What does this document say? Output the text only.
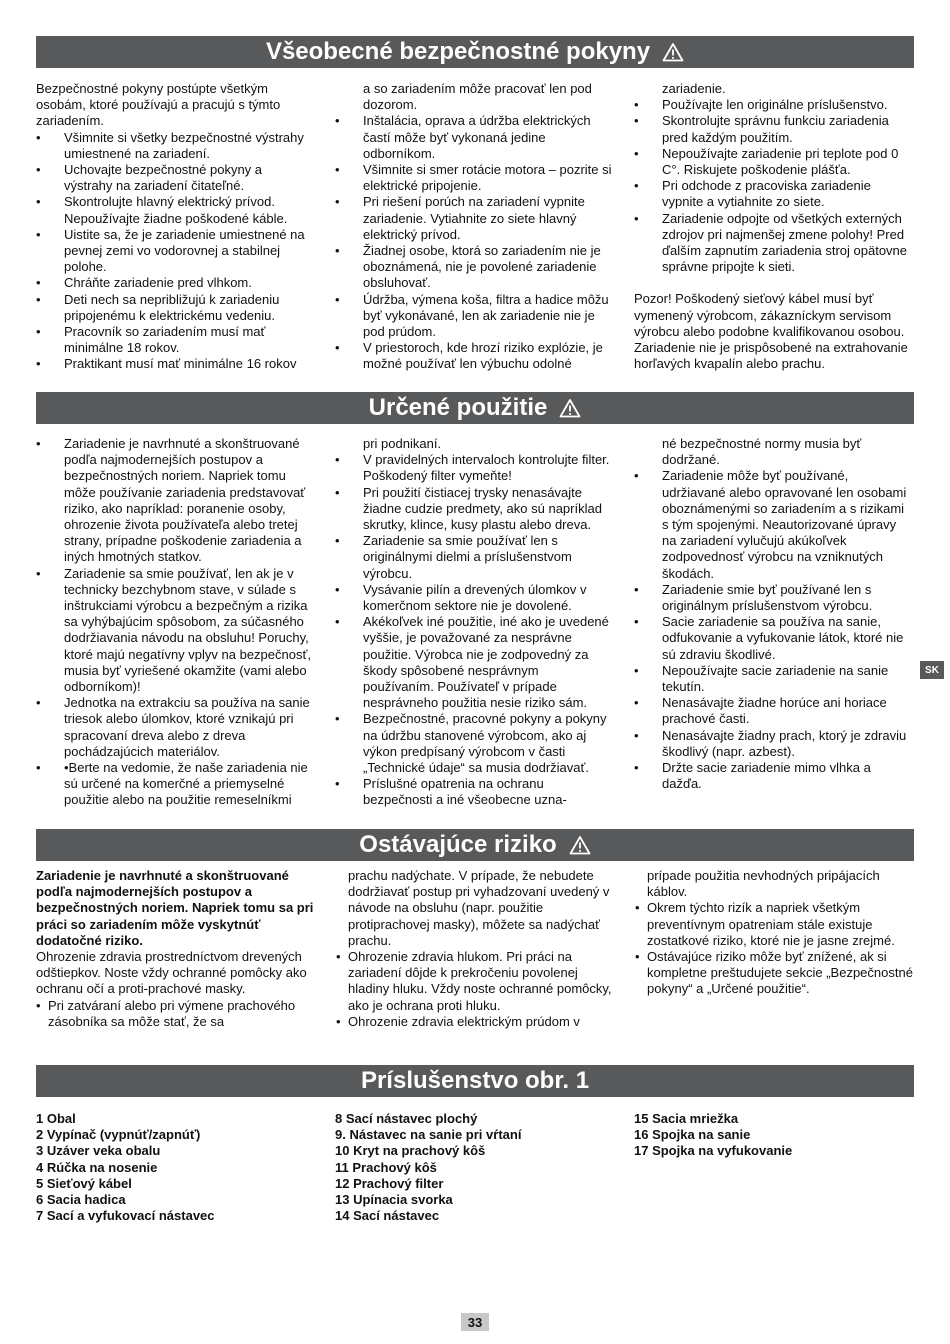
Všeobecné bezpečnostné pokyny

Bezpečnostné pokyny postúpte všetkým osobám, ktoré používajú a pracujú s týmto zariadením.

• Všimnite si všetky bezpečnostné výstrahy umiestnené na zariadení.
• Uchovajte bezpečnostné pokyny a výstrahy na zariadení čitateľné.
• Skontrolujte hlavný elektrický prívod. Nepoužívajte žiadne poškodené káble.
• Uistite sa, že je zariadenie umiestnené na pevnej zemi vo vodorovnej a stabilnej polohe.
• Chráňte zariadenie pred vlhkom.
• Deti nech sa nepribližujú k zariadeniu pripojenému k elektrickému vedeniu.
• Pracovník so zariadením musí mať minimálne 18 rokov.
• Praktikant musí mať minimálne 16 rokov

a so zariadením môže pracovať len pod dozorom.

• Inštalácia, oprava a údržba elektrických častí môže byť vykonaná jedine odborníkom.
• Všimnite si smer rotácie motora – pozrite si elektrické pripojenie.
• Pri riešení porúch na zariadení vypnite zariadenie. Vytiahnite zo siete hlavný elektrický prívod.
• Žiadnej osobe, ktorá so zariadením nie je oboznámená, nie je povolené zariadenie obsluhovať.
• Údržba, výmena koša, filtra a hadice môžu byť vykonávané, len ak zariadenie nie je pod prúdom.
• V priestoroch, kde hrozí riziko explózie, je možné používať len výbuchu odolné

zariadenie.

• Používajte len originálne príslušenstvo.
• Skontrolujte správnu funkciu zariadenia pred každým použitím.
• Nepoužívajte zariadenie pri teplote pod 0 C°. Riskujete poškodenie plášťa.
• Pri odchode z pracoviska zariadenie vypnite a vytiahnite zo siete.
• Zariadenie odpojte od všetkých externých zdrojov pri najmenšej zmene polohy! Pred ďalším zapnutím zariadenia stroj opätovne správne pripojte k sieti.

Pozor! Poškodený sieťový kábel musí byť vymenený výrobcom, zákazníckym servisom výrobcu alebo podobne kvalifikovanou osobou. Zariadenie nie je prispôsobené na extrahovanie horľavých kvapalín alebo prachu.

Určené použitie
• Zariadenie je navrhnuté a skonštruované podľa najmodernejších postupov a bezpečnostných noriem. Napriek tomu môže používanie zariadenia predstavovať riziko, ako napríklad: poranenie osoby, ohrozenie života používateľa alebo tretej strany, prípadne poškodenie zariadenia a iných hmotných statkov.
• Zariadenie sa smie používať, len ak je v technicky bezchybnom stave, v súlade s inštrukciami výrobcu a bezpečným a rizika sa vyhýbajúcim spôsobom, za súčasného dodržiavania návodu na obsluhu! Poruchy, ktoré majú negatívny vplyv na bezpečnosť, musia byť vyriešené okamžite (vami alebo odborníkom)!
• Jednotka na extrakciu sa používa na sanie triesok alebo úlomkov, ktoré vznikajú pri spracovaní dreva alebo z dreva pochádzajúcich materiálov.
• •Berte na vedomie, že naše zariadenia nie sú určené na komerčné a priemyselné použitie alebo na použitie remeselníkmi

pri podnikaní.

• V pravidelných intervaloch kontrolujte filter. Poškodený filter vymeňte!
• Pri použití čistiacej trysky nenasávajte žiadne cudzie predmety, ako sú napríklad skrutky, klince, kusy plastu alebo dreva.
• Zariadenie sa smie používať len s originálnymi dielmi a príslušenstvom výrobcu.
• Vysávanie pilín a drevených úlomkov v komerčnom sektore nie je dovolené.
• Akékoľvek iné použitie, iné ako je uvedené vyššie, je považované za nesprávne použitie. Výrobca nie je zodpovedný za škody spôsobené nesprávnym používaním. Používateľ v prípade nesprávneho použitia nesie riziko sám.
• Bezpečnostné, pracovné pokyny a pokyny na údržbu stanovené výrobcom, ako aj výkon predpísaný výrobcom v časti „Technické údaje“ sa musia dodržiavať.
• Príslušné opatrenia na ochranu bezpečnosti a iné všeobecne uzna-

né bezpečnostné normy musia byť dodržané.

• Zariadenie môže byť používané, udržiavané alebo opravované len osobami oboznámenými so zariadením a s rizikami s tým spojenými. Neautorizované úpravy na zariadení vylučujú akúkoľvek zodpovednosť výrobcu na vzniknutých škodách.
• Zariadenie smie byť používané len s originálnym príslušenstvom výrobcu.
• Sacie zariadenie sa používa na sanie, odfukovanie a vyfukovanie látok, ktoré nie sú zdraviu škodlivé.
• Nepoužívajte sacie zariadenie na sanie tekutín.
• Nenasávajte žiadne horúce ani horiace prachové časti.
• Nenasávajte žiadny prach, ktorý je zdraviu škodlivý (napr. azbest).
• Držte sacie zariadenie mimo vlhka a dažďa.
SK
Ostávajúce riziko

Zariadenie je navrhnuté a skonštruované podľa najmodernejších postupov a bezpečnostných noriem. Napriek tomu sa pri práci so zariadením môže vyskytnúť dodatočné riziko.

Ohrozenie zdravia prostredníctvom drevených odštiepkov. Noste vždy ochranné pomôcky ako ochranu očí a proti-prachové masky.

• Pri zatváraní alebo pri výmene prachového zásobníka sa môže stať, že sa

prachu nadýchate. V prípade, že nebudete dodržiavať postup pri vyhadzovaní uvedený v návode na obsluhu (napr. použitie protiprachovej masky), môžete sa nadýchať prachu.

• Ohrozenie zdravia hlukom. Pri práci na zariadení dôjde k prekročeniu povolenej hladiny hluku. Vždy noste ochranné pomôcky, ako je ochrana proti hluku.
• Ohrozenie zdravia elektrickým prúdom v

prípade použitia nevhodných pripájacích káblov.

• Okrem týchto rizík a napriek všetkým preventívnym opatreniam stále existuje zostatkové riziko, ktoré nie je jasne zrejmé.
• Ostávajúce riziko môže byť znížené, ak si kompletne preštudujete sekcie „Bezpečnostné pokyny“ a „Určené použitie“.
Príslušenstvo obr. 1
1 Obal
2 Vypínač (vypnúť/zapnúť)
3 Uzáver veka obalu
4 Rúčka na nosenie
5 Sieťový kábel
6 Sacia hadica
7 Sací a vyfukovací nástavec
8 Sací nástavec plochý
9. Nástavec na sanie pri vŕtaní
10 Kryt na prachový kôš
11 Prachový kôš
12 Prachový filter
13 Upínacia svorka
14 Sací nástavec
15 Sacia mriežka
16 Spojka na sanie
17 Spojka na vyfukovanie
33
